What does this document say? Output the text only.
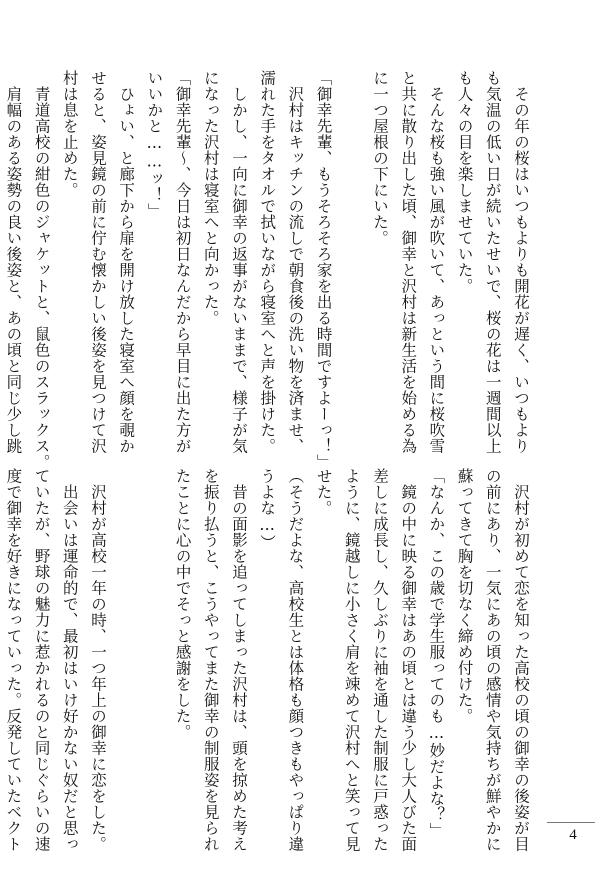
　その年の桜はいつもよりも開花が遅く、いつもより
も気温の低い日が続いたせいで、桜の花は一週間以上
も人々の目を楽しませていた。
　そんな桜も強い風が吹いて、あっという間に桜吹雪
と共に散り出した頃、御幸と沢村は新生活を始める為
に一つ屋根の下にいた。
「御幸先輩、もうそろそろ家を出る時間ですよーっ！」
　沢村はキッチンの流しで朝食後の洗い物を済ませ、
濡れた手をタオルで拭いながら寝室へと声を掛けた。
　しかし、一向に御幸の返事がないままで、様子が気
になった沢村は寝室へと向かった。
「御幸先輩〜、今日は初日なんだから早目に出た方が
いいかと……ッ！」
　ひょい、と廊下から扉を開け放した寝室へ顔を覗か
せると、姿見鏡の前に佇む懐かしい後姿を見つけて沢
村は息を止めた。
　青道高校の紺色のジャケットと、鼠色のスラックス。
　肩幅のある姿勢の良い後姿と、あの頃と同じ少し跳
　沢村が初めて恋を知った高校の頃の御幸の後姿が目
の前にあり、一気にあの頃の感情や気持ちが鮮やかに
蘇ってきて胸を切なく締め付けた。
「なんか、この歳で学生服ってのも…妙だよな？」
　鏡の中に映る御幸はあの頃とは違う少し大人びた面
差しに成長し、久しぶりに袖を通した制服に戸惑った
ように、鏡越しに小さく肩を竦めて沢村へと笑って見
せた。
（そうだよな、高校生とは体格も顔つきもやっぱり違
うよな…）
　昔の面影を追ってしまった沢村は、頭を掠めた考え
を振り払うと、こうやってまた御幸の制服姿を見られ
たことに心の中でそっと感謝をした。
　沢村が高校一年の時、一つ年上の御幸に恋をした。
　出会いは運命的で、最初はいけ好かない奴だと思っ
ていたが、野球の魅力に惹かれるのと同じぐらいの速
度で御幸を好きになっていった。反発していたベクト	4
